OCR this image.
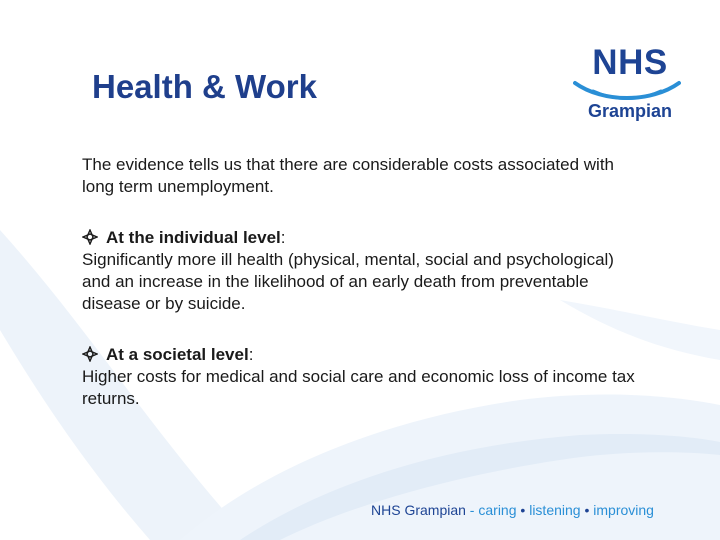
Health & Work
NHS
Grampian

The evidence tells us that there are considerable costs associated with long term unemployment.

At the individual level:
Significantly more ill health (physical, mental, social and psychological) and an increase in the likelihood of an early death from preventable disease or by suicide.
At a societal level:
Higher costs for medical and social care and economic loss of income tax returns.
NHS Grampian - caring • listening • improving
